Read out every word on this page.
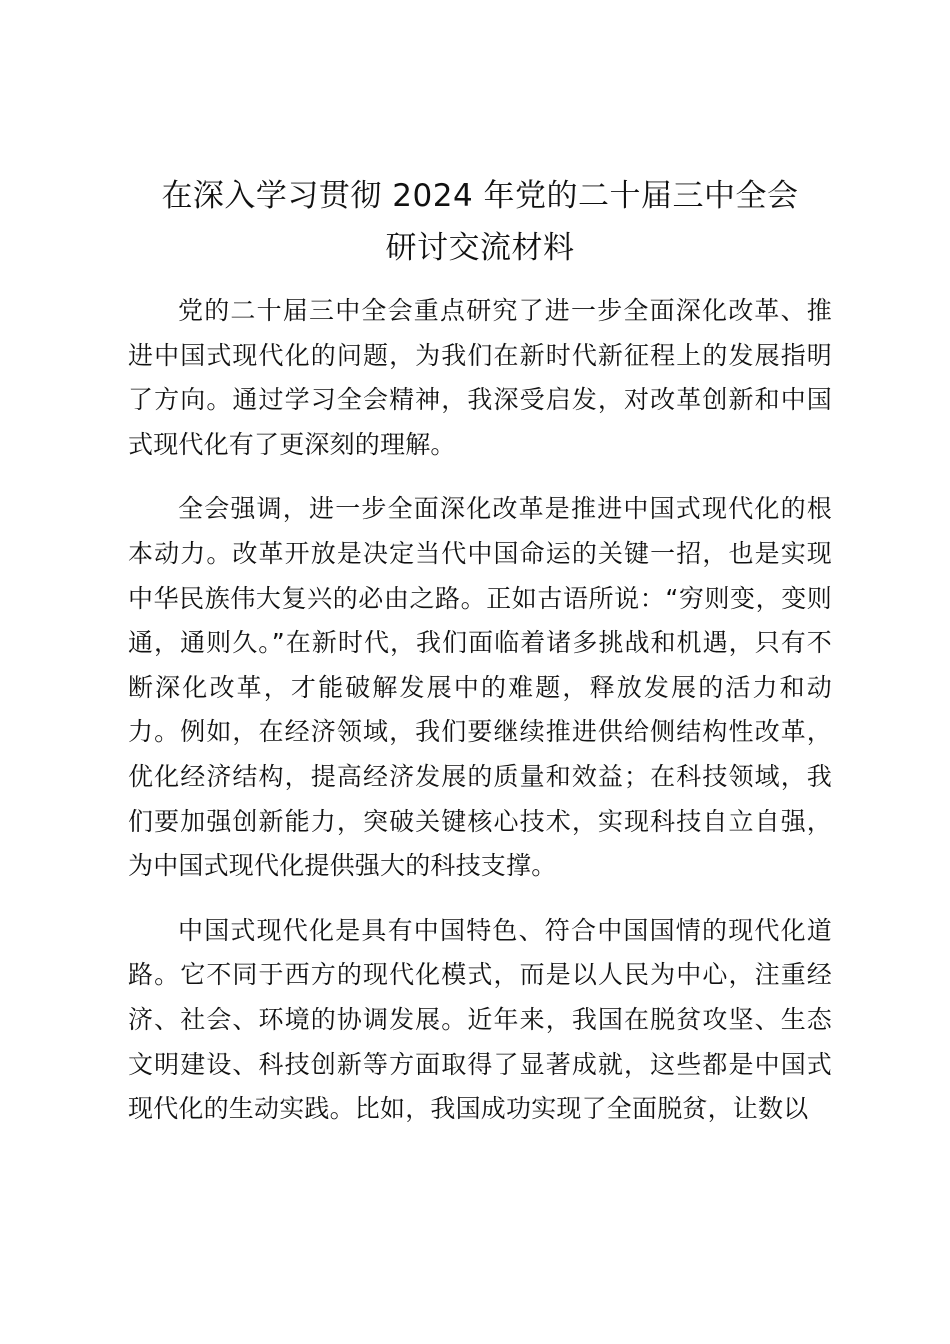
在深入学习贯彻 2024 年党的二十届三中全会
研讨交流材料

党的二十届三中全会重点研究了进一步全面深化改革、推进中国式现代化的问题，为我们在新时代新征程上的发展指明了方向。通过学习全会精神，我深受启发，对改革创新和中国式现代化有了更深刻的理解。

全会强调，进一步全面深化改革是推进中国式现代化的根本动力。改革开放是决定当代中国命运的关键一招，也是实现中华民族伟大复兴的必由之路。正如古语所说：“穷则变，变则通，通则久。”在新时代，我们面临着诸多挑战和机遇，只有不断深化改革，才能破解发展中的难题，释放发展的活力和动力。例如，在经济领域，我们要继续推进供给侧结构性改革，优化经济结构，提高经济发展的质量和效益；在科技领域，我们要加强创新能力，突破关键核心技术，实现科技自立自强，为中国式现代化提供强大的科技支撑。

中国式现代化是具有中国特色、符合中国国情的现代化道路。它不同于西方的现代化模式，而是以人民为中心，注重经济、社会、环境的协调发展。近年来，我国在脱贫攻坚、生态文明建设、科技创新等方面取得了显著成就，这些都是中国式现代化的生动实践。比如，我国成功实现了全面脱贫，让数以
